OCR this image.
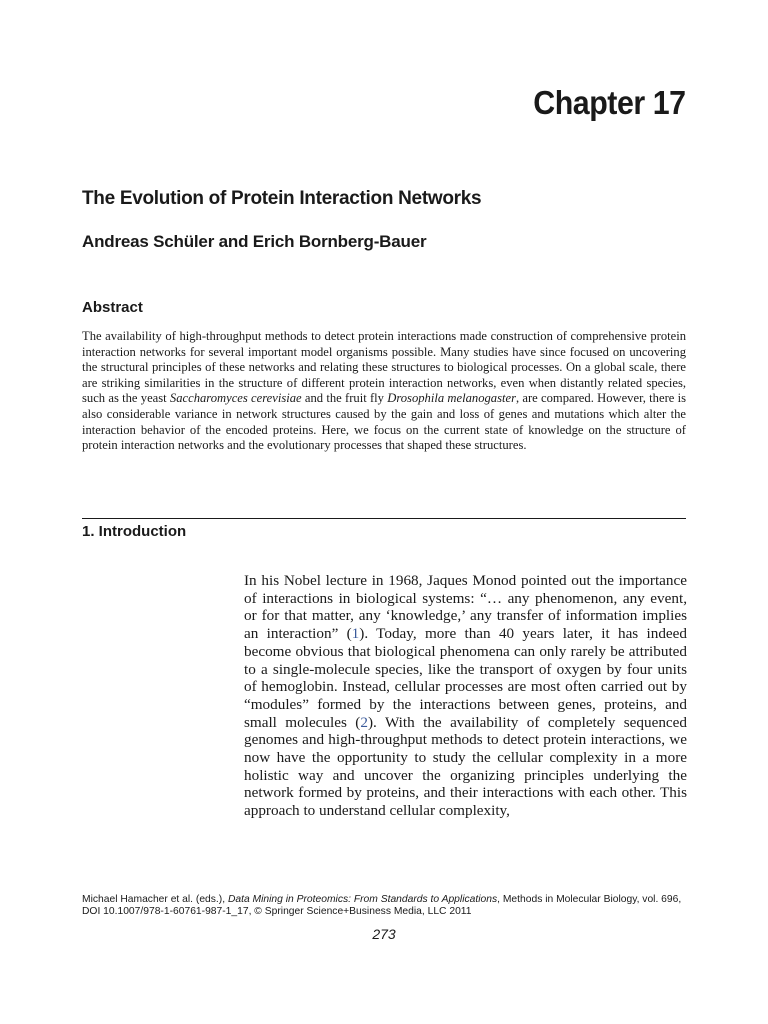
Chapter 17
The Evolution of Protein Interaction Networks
Andreas Schüler and Erich Bornberg-Bauer
Abstract
The availability of high-throughput methods to detect protein interactions made construction of comprehensive protein interaction networks for several important model organisms possible. Many studies have since focused on uncovering the structural principles of these networks and relating these structures to biological processes. On a global scale, there are striking similarities in the structure of different protein interaction networks, even when distantly related species, such as the yeast Saccharomyces cerevisiae and the fruit fly Drosophila melanogaster, are compared. However, there is also considerable variance in network structures caused by the gain and loss of genes and mutations which alter the interaction behavior of the encoded proteins. Here, we focus on the current state of knowledge on the structure of protein interaction networks and the evolutionary processes that shaped these structures.
1. Introduction
In his Nobel lecture in 1968, Jaques Monod pointed out the importance of interactions in biological systems: “… any phenomenon, any event, or for that matter, any ‘knowledge,’ any transfer of information implies an interaction” (1). Today, more than 40 years later, it has indeed become obvious that biological phenomena can only rarely be attributed to a single-molecule species, like the transport of oxygen by four units of hemoglobin. Instead, cellular processes are most often carried out by “modules” formed by the interactions between genes, proteins, and small molecules (2). With the availability of completely sequenced genomes and high-throughput methods to detect protein interactions, we now have the opportunity to study the cellular complexity in a more holistic way and uncover the organizing principles underlying the network formed by proteins, and their interactions with each other. This approach to understand cellular complexity,
Michael Hamacher et al. (eds.), Data Mining in Proteomics: From Standards to Applications, Methods in Molecular Biology, vol. 696,
DOI 10.1007/978-1-60761-987-1_17, © Springer Science+Business Media, LLC 2011
273
